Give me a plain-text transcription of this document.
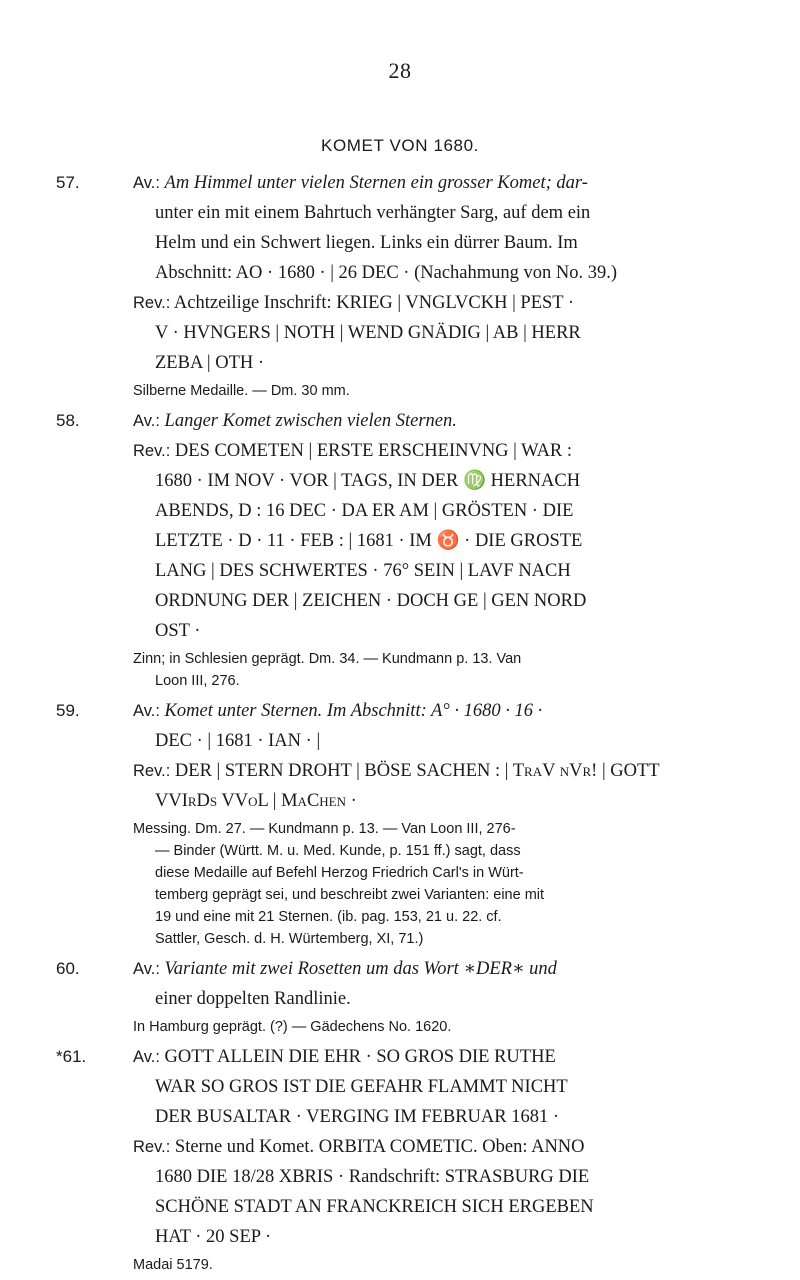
28
KOMET VON 1680.
57.	Av.: Am Himmel unter vielen Sternen ein grosser Komet; dar-

unter ein mit einem Bahrtuch verhängter Sarg, auf dem ein

Helm und ein Schwert liegen. Links ein dürrer Baum. Im

Abschnitt: AO · 1680 · | 26 DEC · (Nachahmung von No. 39.)

Rev.: Achtzeilige Inschrift: KRIEG | VNGLVCKH | PEST ·

V · HVNGERS | NOTH | WEND GNÄDIG | AB | HERR

ZEBA | OTH ·

Silberne Medaille. — Dm. 30 mm.
58.	Av.: Langer Komet zwischen vielen Sternen.

Rev.: DES COMETEN | ERSTE ERSCHEINVNG | WAR :

1680 · IM NOV · VOR | TAGS, IN DER ♍ HERNACH

ABENDS, D : 16 DEC · DA ER AM | GRÖSTEN · DIE

LETZTE · D · 11 · FEB : | 1681 · IM ♉ · DIE GROSTE

LANG | DES SCHWERTES · 76° SEIN | LAVF NACH

ORDNUNG DER | ZEICHEN · DOCH GE | GEN NORD

OST ·

Zinn; in Schlesien geprägt. Dm. 34. — Kundmann p. 13. Van
Loon III, 276.
59.	Av.: Komet unter Sternen. Im Abschnitt: A° · 1680 · 16 ·

DEC · | 1681 · IAN · |

Rev.: DER | STERN DROHT | BÖSE SACHEN : | TraV nVr! | GOTT

VVIrDs VVoL | MaChen ·

Messing. Dm. 27. — Kundmann p. 13. — Van Loon III, 276-
— Binder (Württ. M. u. Med. Kunde, p. 151 ff.) sagt, dass
diese Medaille auf Befehl Herzog Friedrich Carl's in Würt-
temberg geprägt sei, und beschreibt zwei Varianten: eine mit
19 und eine mit 21 Sternen. (ib. pag. 153, 21 u. 22. cf.
Sattler, Gesch. d. H. Würtemberg, XI, 71.)
60.	Av.: Variante mit zwei Rosetten um das Wort ∗DER∗ und

einer doppelten Randlinie.

In Hamburg geprägt. (?) — Gädechens No. 1620.
*61.	Av.: GOTT ALLEIN DIE EHR · SO GROS DIE RUTHE

WAR SO GROS IST DIE GEFAHR FLAMMT NICHT

DER BUSALTAR · VERGING IM FEBRUAR 1681 ·

Rev.: Sterne und Komet. ORBITA COMETIC. Oben: ANNO

1680 DIE 18/28 XBRIS · Randschrift: STRASBURG DIE

SCHÖNE STADT AN FRANCKREICH SICH ERGEBEN

HAT · 20 SEP ·

Madai 5179.
